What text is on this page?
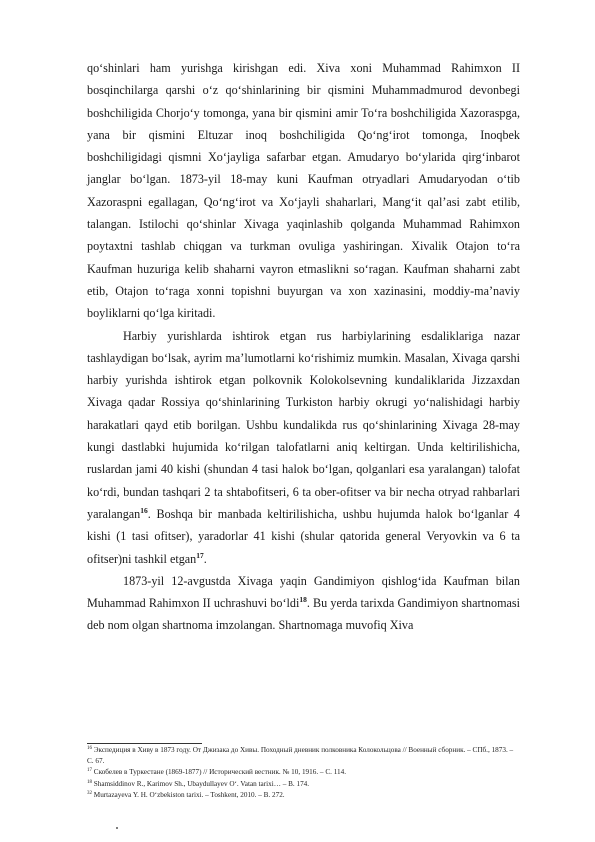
qo‘shinlari ham yurishga kirishgan edi. Xiva xoni Muhammad Rahimxon II bosqinchilarga qarshi o‘z qo‘shinlarining bir qismini Muhammadmurod devonbegi boshchiligida Chorjo‘y tomonga, yana bir qismini amir To‘ra boshchiligida Xazoraspga, yana bir qismini Eltuzar inoq boshchiligida Qo‘ng‘irot tomonga, Inoqbek boshchiligidagi qismni Xo‘jayliga safarbar etgan. Amudaryo bo‘ylarida qirg‘inbarot janglar bo‘lgan. 1873-yil 18-may kuni Kaufman otryadlari Amudaryodan o‘tib Xazoraspni egallagan, Qo‘ng‘irot va Xo‘jayli shaharlari, Mang‘it qal’asi zabt etilib, talangan. Istilochi qo‘shinlar Xivaga yaqinlashib qolganda Muhammad Rahimxon poytaxtni tashlab chiqgan va turkman ovuliga yashiringan. Xivalik Otajon to‘ra Kaufman huzuriga kelib shaharni vayron etmaslikni so‘ragan. Kaufman shaharni zabt etib, Otajon to‘raga xonni topishni buyurgan va xon xazinasini, moddiy-ma’naviy boyliklarni qo‘lga kiritadi.

Harbiy yurishlarda ishtirok etgan rus harbiylarining esdaliklariga nazar tashlaydigan bo‘lsak, ayrim ma’lumotlarni ko‘rishimiz mumkin. Masalan, Xivaga qarshi harbiy yurishda ishtirok etgan polkovnik Kolokolsevning kundaliklarida Jizzaxdan Xivaga qadar Rossiya qo‘shinlarining Turkiston harbiy okrugi yo‘nalishidagi harbiy harakatlari qayd etib borilgan. Ushbu kundalikda rus qo‘shinlarining Xivaga 28-may kungi dastlabki hujumida ko‘rilgan talofatlarni aniq keltirgan. Unda keltirilishicha, ruslardan jami 40 kishi (shundan 4 tasi halok bo‘lgan, qolganlari esa yaralangan) talofat ko‘rdi, bundan tashqari 2 ta shtabofitseri, 6 ta ober-ofitser va bir necha otryad rahbarlari yaralangan$^{16}$. Boshqa bir manbada keltirilishicha, ushbu hujumda halok bo‘lganlar 4 kishi (1 tasi ofitser), yaradorlar 41 kishi (shular qatorida general Veryovkin va 6 ta ofitser)ni tashkil etgan$^{17}$.

1873-yil 12-avgustda Xivaga yaqin Gandimiyon qishlog‘ida Kaufman bilan Muhammad Rahimxon II uchrashuvi bo‘ldi$^{18}$. Bu yerda tarixda Gandimiyon shartnomasi deb nom olgan shartnoma imzolangan. Shartnomaga muvofiq Xiva

$^{16}$ Экспедиция в Хиву в 1873 году. От Джизака до Хивы. Походный дневник полковника Колокольцова // Военный сборник. – СПб., 1873. – С. 67.

$^{17}$ Скобелев в Туркестане (1869-1877) // Исторический вестник. № 10, 1916. – С. 114.

$^{18}$ Shamsiddinov R., Karimov Sh., Ubaydullayev O‘. Vatan tarixi… – B. 174.

$^{32}$ Murtazayeva Y. H. O‘zbekiston tarixi. – Toshkent, 2010. – B. 272.
